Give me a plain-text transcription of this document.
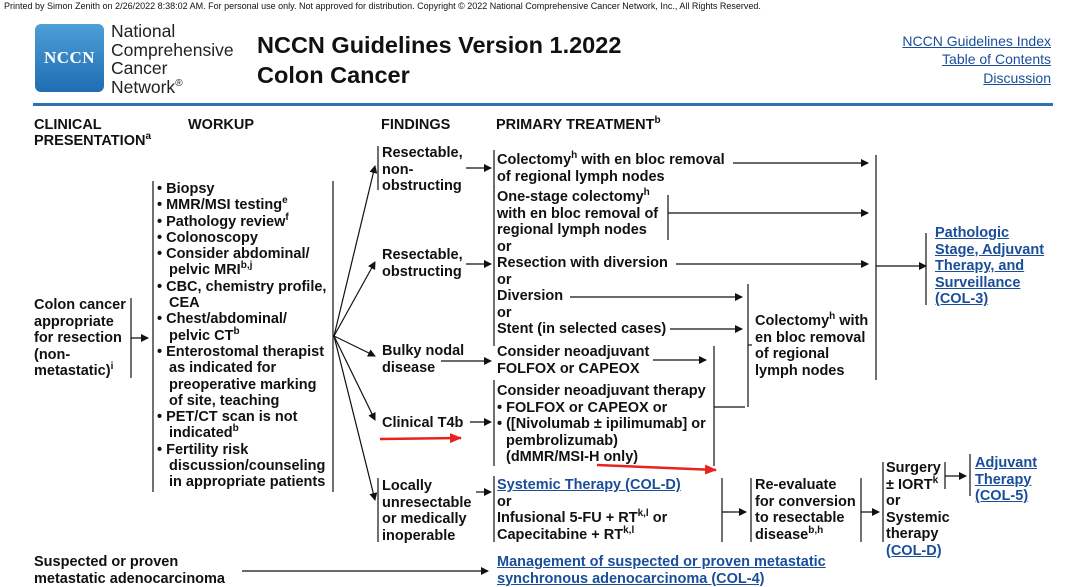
Printed by Simon Zenith on 2/26/2022 8:38:02 AM. For personal use only. Not approved for distribution. Copyright © 2022 National Comprehensive Cancer Network, Inc., All Rights Reserved.
NCCN
National
Comprehensive
Cancer
Network®
NCCN Guidelines Version 1.2022
Colon Cancer
NCCN Guidelines Index
Table of Contents
Discussion
CLINICAL
PRESENTATION$^a$
WORKUP	FINDINGS	PRIMARY TREATMENT$^b$
Colon cancer
appropriate
for resection
(non-
metastatic)$^i$
• Biopsy
• MMR/MSI testing$^e$
• Pathology review$^f$
• Colonoscopy
• Consider abdominal/
pelvic MRI$^{b,j}$
• CBC, chemistry profile,
CEA
• Chest/abdominal/
pelvic $CT^b$
• Enterostomal therapist
as indicated for
preoperative marking
of site, teaching
• PET/CT scan is not
indicated$^b$
• Fertility risk
discussion/counseling
in appropriate patients
Resectable,
non-
obstructing
Resectable,
obstructing
Bulky nodal
disease
Clinical T4b
Locally
unresectable
or medically
inoperable
Colectomy$^h$ with en bloc removal
of regional lymph nodes
One-stage colectomy$^h$
with en bloc removal of
regional lymph nodes
or
Resection with diversion
or
Diversion
or
Stent (in selected cases)
Consider neoadjuvant
FOLFOX or CAPEOX
Consider neoadjuvant therapy
• FOLFOX or CAPEOX or
• ([Nivolumab ± ipilimumab] or
pembrolizumab)
(dMMR/MSI-H only)
Systemic Therapy (COL-D)
or
Infusional 5-FU + RT$^{k,l}$ or
Capecitabine + RT$^{k,l}$
Colectomy$^h$ with
en bloc removal
of regional
lymph nodes
Re-evaluate
for conversion
to resectable
disease$^{b,h}$
Surgery
± $IORT^k$
or
Systemic
therapy
(COL-D)
Adjuvant
Therapy
(COL-5)
Pathologic
Stage, Adjuvant
Therapy, and
Surveillance
(COL-3)
Suspected or proven
metastatic adenocarcinoma
Management of suspected or proven metastatic
synchronous adenocarcinoma (COL-4)
